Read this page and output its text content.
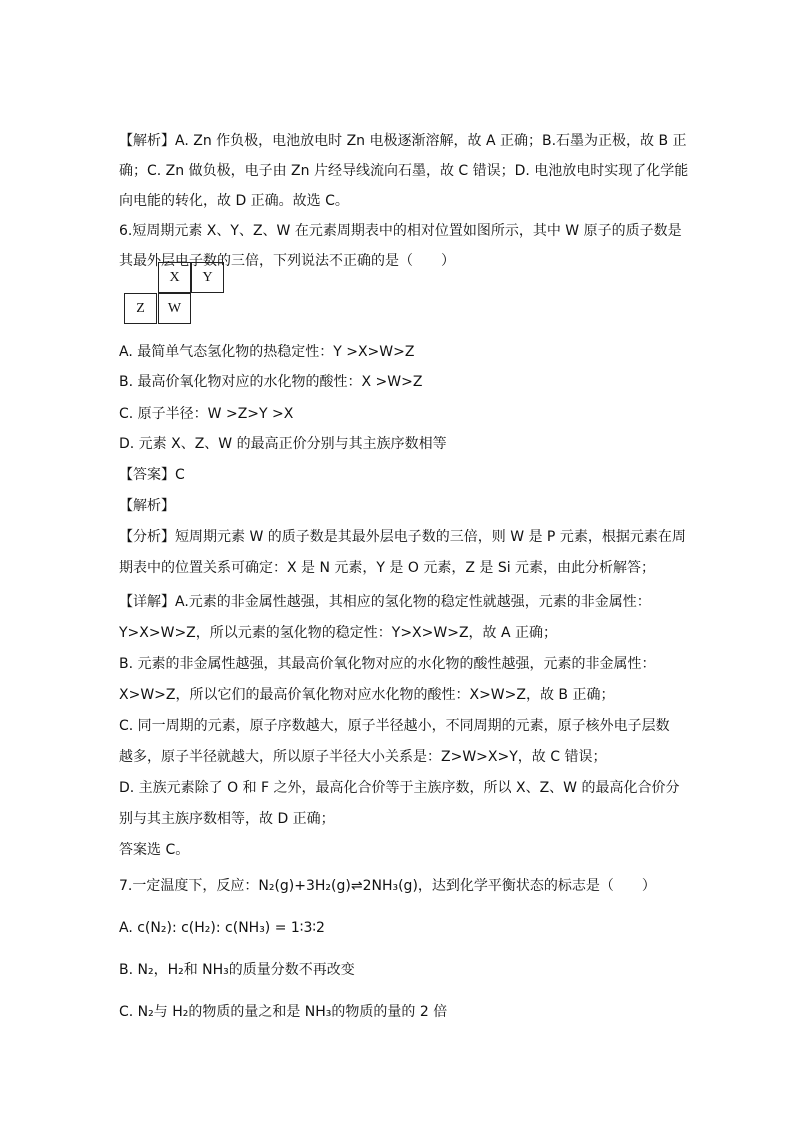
【解析】A. Zn 作负极，电池放电时 Zn 电极逐渐溶解，故 A 正确；B.石墨为正极，故 B 正
确；C. Zn 做负极，电子由 Zn 片经导线流向石墨，故 C 错误；D. 电池放电时实现了化学能
向电能的转化，故 D 正确。故选 C。
6.短周期元素 X、Y、Z、W 在元素周期表中的相对位置如图所示，其中 W 原子的质子数是
其最外层电子数的三倍，下列说法不正确的是（　　）
X	Y
Z	W
A. 最简单气态氢化物的热稳定性：Y >X>W>Z
B. 最高价氧化物对应的水化物的酸性：X >W>Z
C. 原子半径：W >Z>Y >X
D. 元素 X、Z、W 的最高正价分别与其主族序数相等
【答案】C
【解析】
【分析】短周期元素 W 的质子数是其最外层电子数的三倍，则 W 是 P 元素，根据元素在周
期表中的位置关系可确定：X 是 N 元素，Y 是 O 元素，Z 是 Si 元素，由此分析解答；
【详解】A.元素的非金属性越强，其相应的氢化物的稳定性就越强，元素的非金属性：
Y>X>W>Z，所以元素的氢化物的稳定性：Y>X>W>Z，故 A 正确；
B. 元素的非金属性越强，其最高价氧化物对应的水化物的酸性越强，元素的非金属性：
X>W>Z，所以它们的最高价氧化物对应水化物的酸性：X>W>Z，故 B 正确；
C. 同一周期的元素，原子序数越大，原子半径越小，不同周期的元素，原子核外电子层数
越多，原子半径就越大，所以原子半径大小关系是：Z>W>X>Y，故 C 错误；
D. 主族元素除了 O 和 F 之外，最高化合价等于主族序数，所以 X、Z、W 的最高化合价分
别与其主族序数相等，故 D 正确；
答案选 C。
7.一定温度下，反应：N₂(g)+3H₂(g)⇌2NH₃(g)，达到化学平衡状态的标志是（　　）
A. c(N₂): c(H₂): c(NH₃) = 1∶3∶2
B. N₂，H₂和 NH₃的质量分数不再改变
C. N₂与 H₂的物质的量之和是 NH₃的物质的量的 2 倍
